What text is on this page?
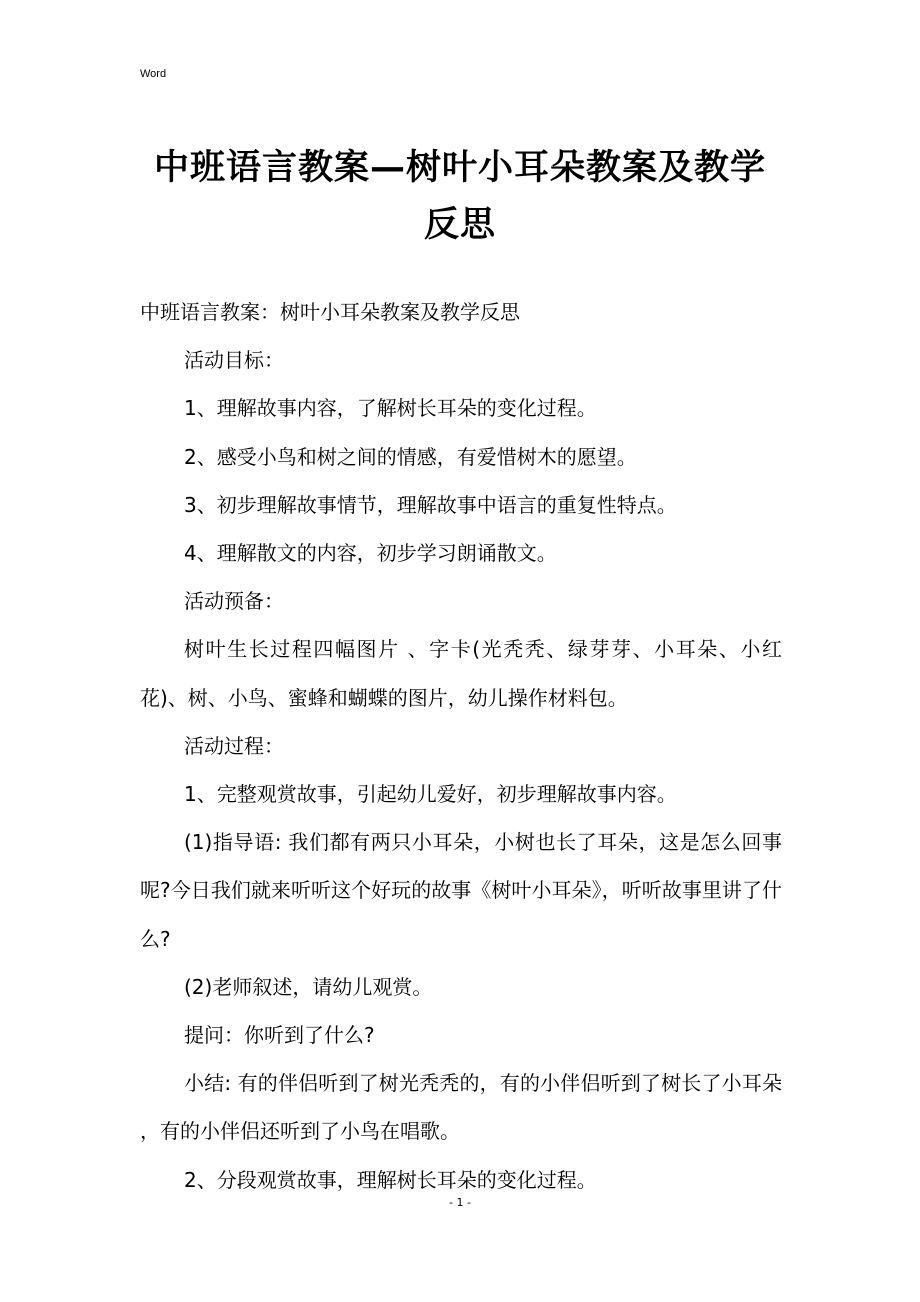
Word
中班语言教案—树叶小耳朵教案及教学反思

中班语言教案：树叶小耳朵教案及教学反思

活动目标：

1、理解故事内容，了解树长耳朵的变化过程。

2、感受小鸟和树之间的情感，有爱惜树木的愿望。

3、初步理解故事情节，理解故事中语言的重复性特点。

4、理解散文的内容，初步学习朗诵散文。

活动预备：

树叶生长过程四幅图片 、字卡(光秃秃、绿芽芽、小耳朵、小红花)、树、小鸟、蜜蜂和蝴蝶的图片，幼儿操作材料包。

活动过程：

1、完整观赏故事，引起幼儿爱好，初步理解故事内容。

(1)指导语: 我们都有两只小耳朵，小树也长了耳朵，这是怎么回事呢?今日我们就来听听这个好玩的故事《树叶小耳朵》，听听故事里讲了什么?

(2)老师叙述，请幼儿观赏。

提问：你听到了什么?

小结: 有的伴侣听到了树光秃秃的，有的小伴侣听到了树长了小耳朵 ，有的小伴侣还听到了小鸟在唱歌。

2、分段观赏故事，理解树长耳朵的变化过程。

- 1 -
